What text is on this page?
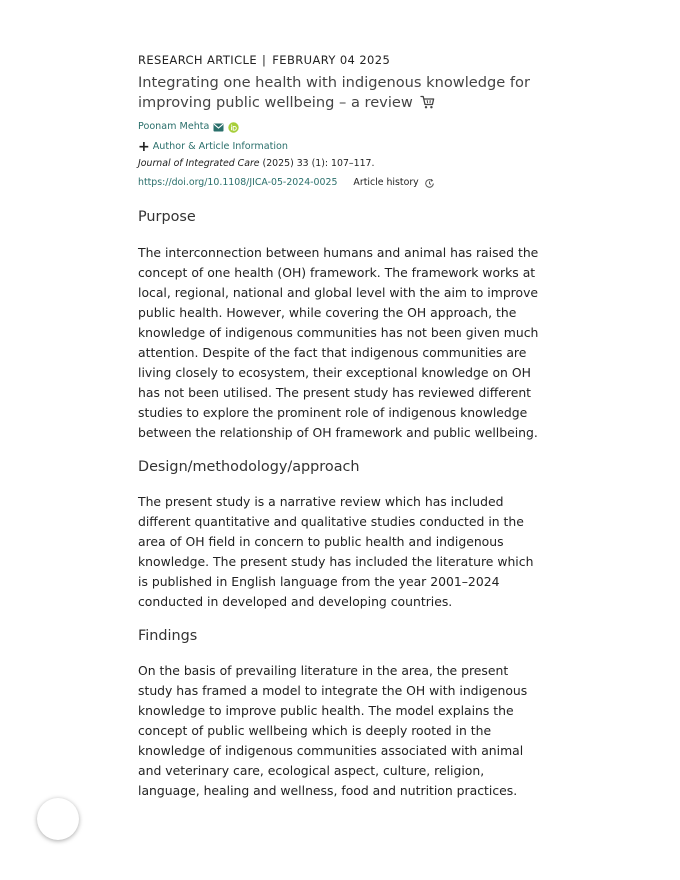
RESEARCH ARTICLE | FEBRUARY 04 2025
Integrating one health with indigenous knowledge for improving public wellbeing – a review
Poonam Mehta
+ Author & Article Information
Journal of Integrated Care (2025) 33 (1): 107–117.
https://doi.org/10.1108/JICA-05-2024-0025 Article history
Purpose

The interconnection between humans and animal has raised the concept of one health (OH) framework. The framework works at local, regional, national and global level with the aim to improve public health. However, while covering the OH approach, the knowledge of indigenous communities has not been given much attention. Despite of the fact that indigenous communities are living closely to ecosystem, their exceptional knowledge on OH has not been utilised. The present study has reviewed different studies to explore the prominent role of indigenous knowledge between the relationship of OH framework and public wellbeing.

Design/methodology/approach

The present study is a narrative review which has included different quantitative and qualitative studies conducted in the area of OH field in concern to public health and indigenous knowledge. The present study has included the literature which is published in English language from the year 2001–2024 conducted in developed and developing countries.

Findings

On the basis of prevailing literature in the area, the present study has framed a model to integrate the OH with indigenous knowledge to improve public health. The model explains the concept of public wellbeing which is deeply rooted in the knowledge of indigenous communities associated with animal and veterinary care, ecological aspect, culture, religion, language, healing and wellness, food and nutrition practices.
